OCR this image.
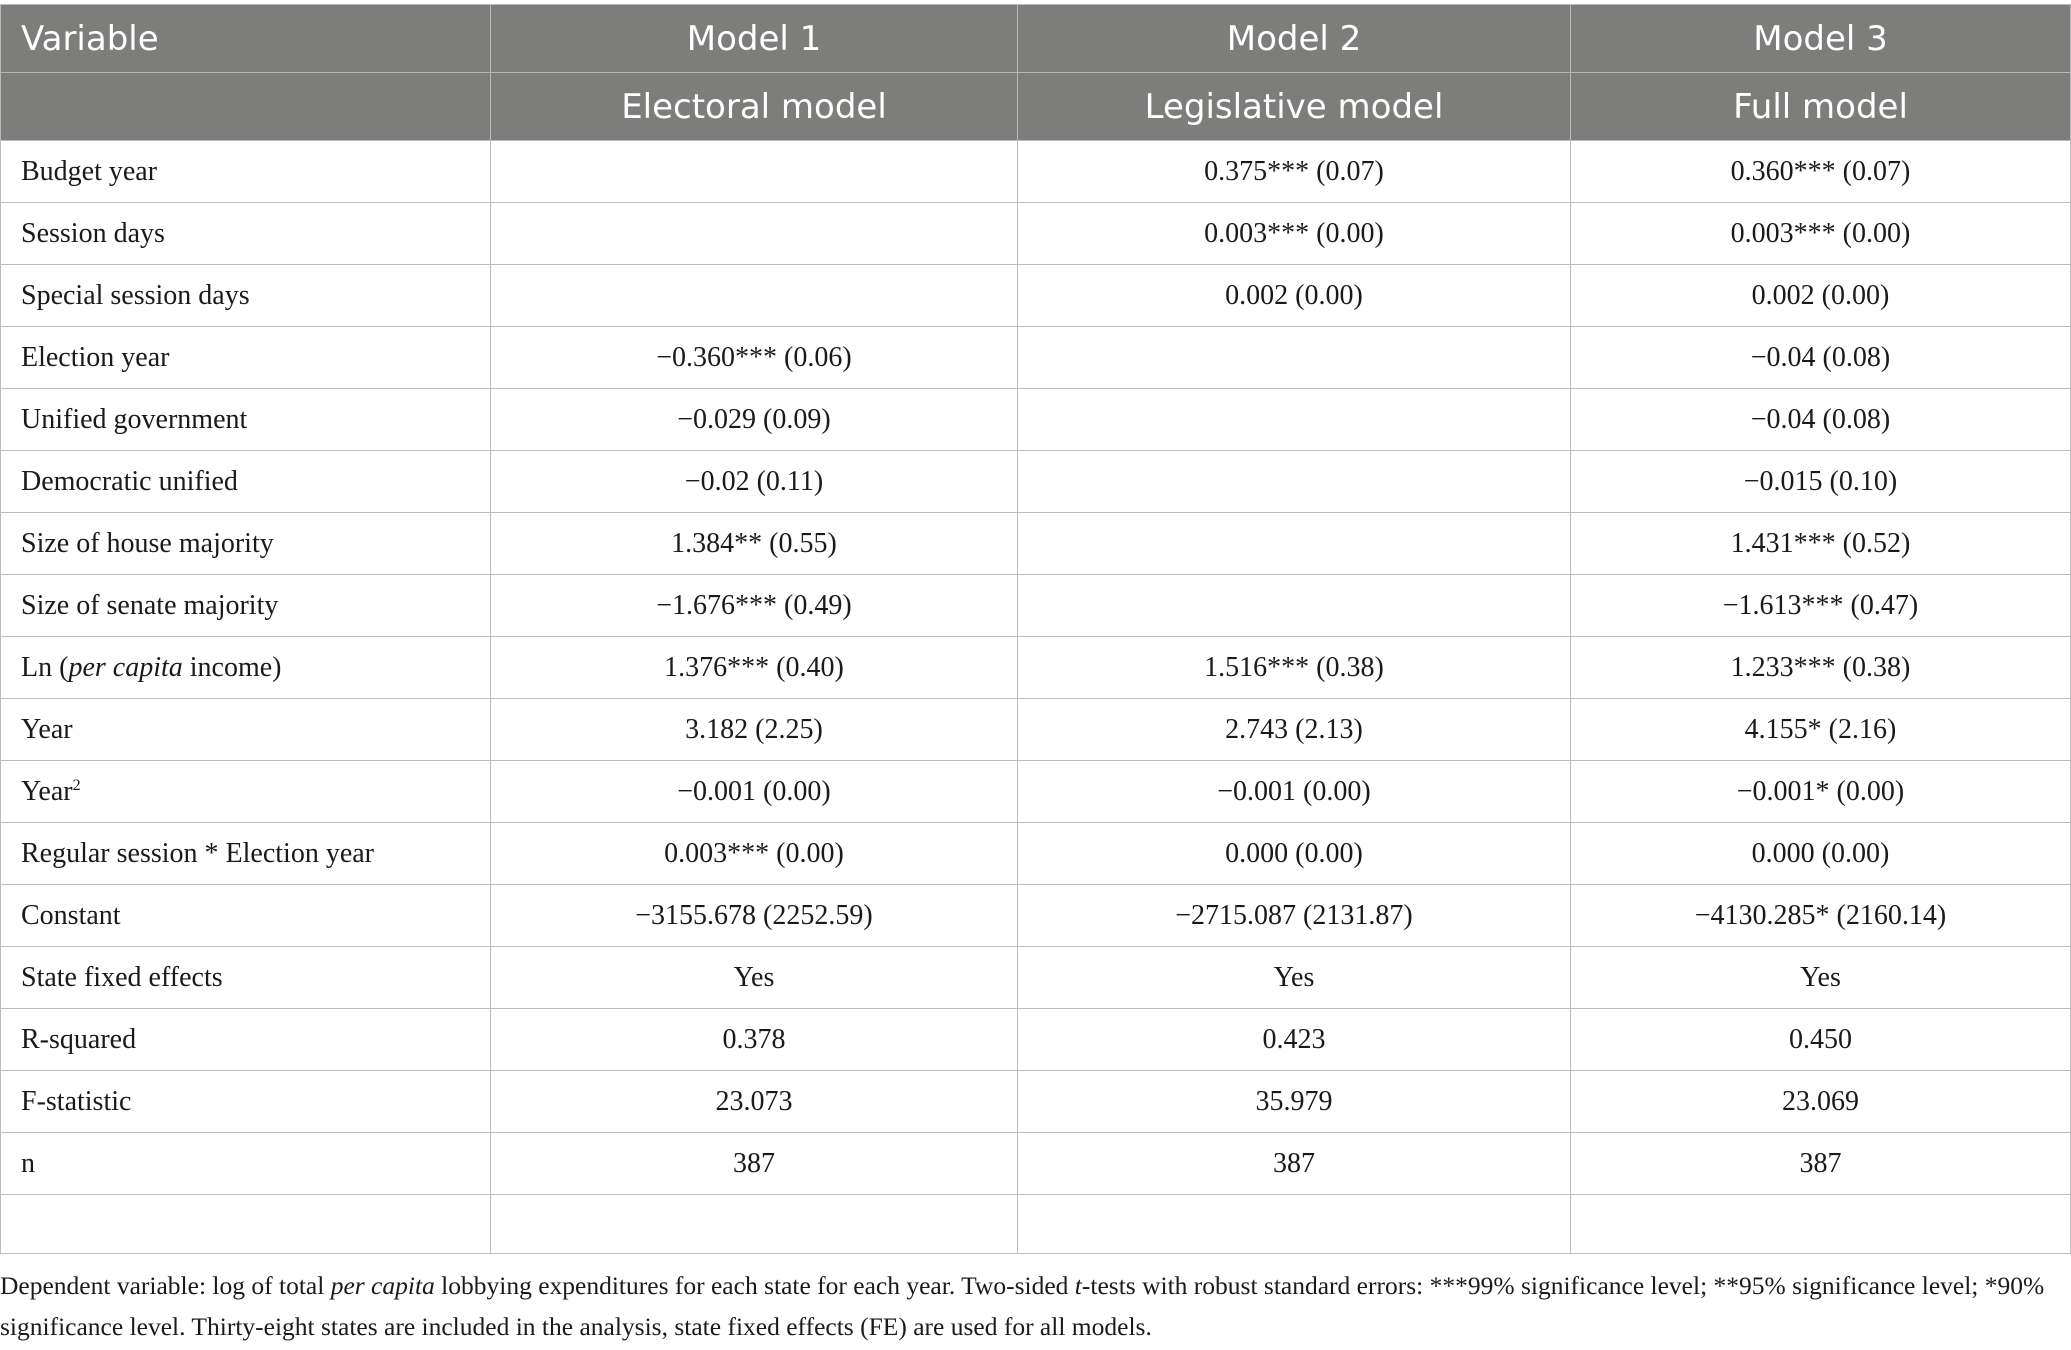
Variable	Model 1	Model 2	Model 3
	Electoral model	Legislative model	Full model
Budget year		0.375*** (0.07)	0.360*** (0.07)
Session days		0.003*** (0.00)	0.003*** (0.00)
Special session days		0.002 (0.00)	0.002 (0.00)
Election year	−0.360*** (0.06)		−0.04 (0.08)
Unified government	−0.029 (0.09)		−0.04 (0.08)
Democratic unified	−0.02 (0.11)		−0.015 (0.10)
Size of house majority	1.384** (0.55)		1.431*** (0.52)
Size of senate majority	−1.676*** (0.49)		−1.613*** (0.47)
Ln (per capita income)	1.376*** (0.40)	1.516*** (0.38)	1.233*** (0.38)
Year	3.182 (2.25)	2.743 (2.13)	4.155* (2.16)
Year$^2$	−0.001 (0.00)	−0.001 (0.00)	−0.001* (0.00)
Regular session * Election year	0.003*** (0.00)	0.000 (0.00)	0.000 (0.00)
Constant	−3155.678 (2252.59)	−2715.087 (2131.87)	−4130.285* (2160.14)
State fixed effects	Yes	Yes	Yes
R-squared	0.378	0.423	0.450
F-statistic	23.073	35.979	23.069
n	387	387	387

Dependent variable: log of total per capita lobbying expenditures for each state for each year. Two-sided t-tests with robust standard errors: ***99% significance level; **95% significance level; *90% significance level. Thirty-eight states are included in the analysis, state fixed effects (FE) are used for all models.
